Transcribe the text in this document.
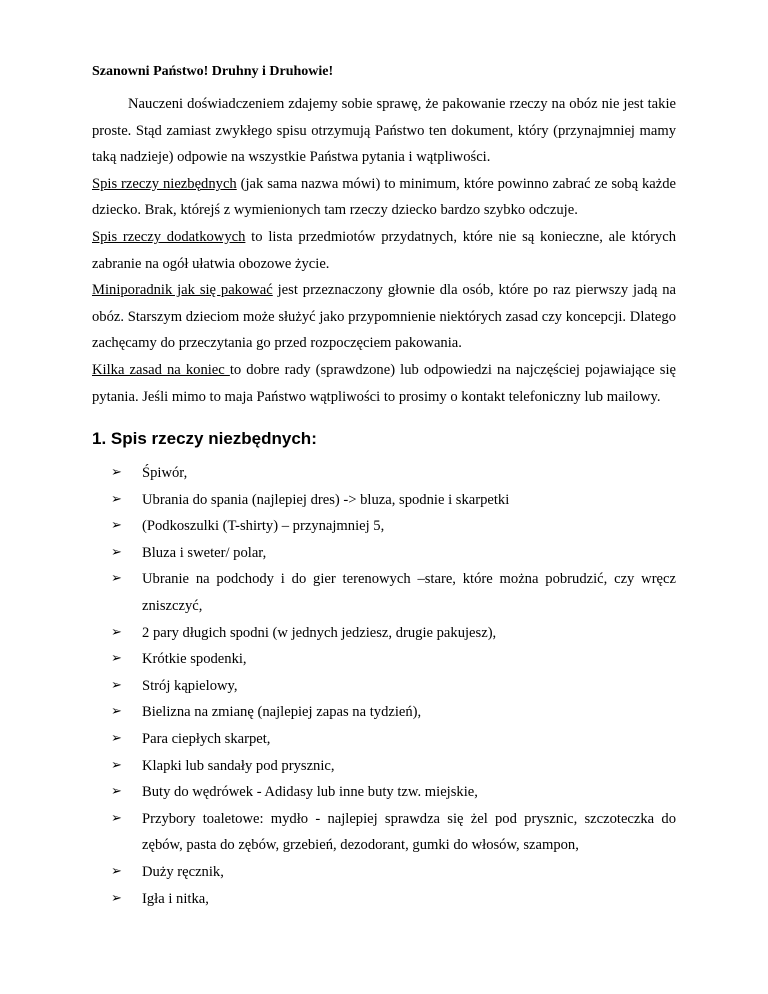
Szanowni Państwo! Druhny i Druhowie!

Nauczeni doświadczeniem zdajemy sobie sprawę, że pakowanie rzeczy na obóz nie jest takie proste. Stąd zamiast zwykłego spisu otrzymują Państwo ten dokument, który (przynajmniej mamy taką nadzieje) odpowie na wszystkie Państwa pytania i wątpliwości.

Spis rzeczy niezbędnych (jak sama nazwa mówi) to minimum, które powinno zabrać ze sobą każde dziecko. Brak, którejś z wymienionych tam rzeczy dziecko bardzo szybko odczuje.

Spis rzeczy dodatkowych to lista przedmiotów przydatnych, które nie są konieczne, ale których zabranie na ogół ułatwia obozowe życie.

Miniporadnik jak się pakować jest przeznaczony głownie dla osób, które po raz pierwszy jadą na obóz. Starszym dzieciom może służyć jako przypomnienie niektórych zasad czy koncepcji. Dlatego zachęcamy do przeczytania go przed rozpoczęciem pakowania.

Kilka zasad na koniec to dobre rady (sprawdzone) lub odpowiedzi na najczęściej pojawiające się pytania. Jeśli mimo to maja Państwo wątpliwości to prosimy o kontakt telefoniczny lub mailowy.

1. Spis rzeczy niezbędnych:
➢ Śpiwór,
➢ Ubrania do spania (najlepiej dres) -> bluza, spodnie i skarpetki
➢ (Podkoszulki (T-shirty) – przynajmniej 5,
➢ Bluza i sweter/ polar,
➢ Ubranie na podchody i do gier terenowych –stare, które można pobrudzić, czy wręcz zniszczyć,
➢ 2 pary długich spodni (w jednych jedziesz, drugie pakujesz),
➢ Krótkie spodenki,
➢ Strój kąpielowy,
➢ Bielizna na zmianę (najlepiej zapas na tydzień),
➢ Para ciepłych skarpet,
➢ Klapki lub sandały pod prysznic,
➢ Buty do wędrówek - Adidasy lub inne buty tzw. miejskie,
➢ Przybory toaletowe: mydło - najlepiej sprawdza się żel pod prysznic, szczoteczka do zębów, pasta do zębów, grzebień, dezodorant, gumki do włosów, szampon,
➢ Duży ręcznik,
➢ Igła i nitka,
